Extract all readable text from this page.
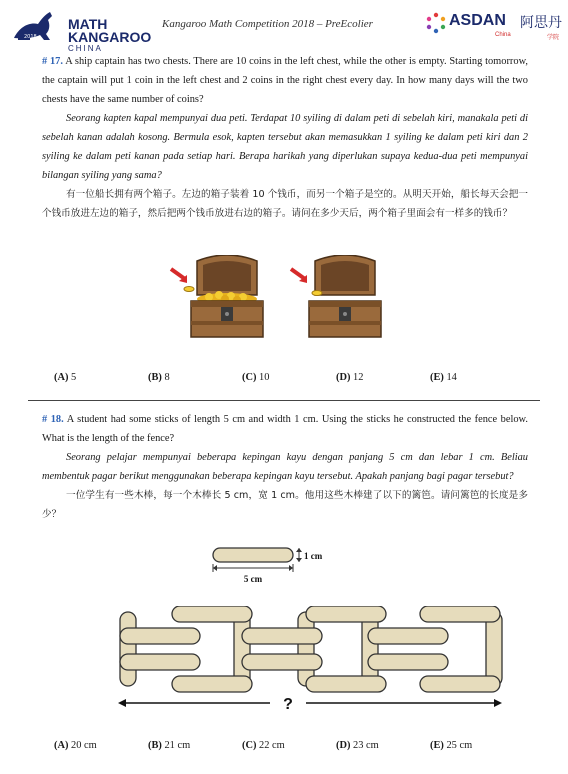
2018
MATH
KANGAROO
CHINA
Kangaroo Math Competition 2018 – PreEcolier	ASDAN
China
阿思丹
学院
# 17. A ship captain has two chests. There are 10 coins in the left chest, while the other is empty. Starting tomorrow, the captain will put 1 coin in the left chest and 2 coins in the right chest every day. In how many days will the two chests have the same number of coins?
Seorang kapten kapal mempunyai dua peti. Terdapat 10 syiling di dalam peti di sebelah kiri, manakala peti di sebelah kanan adalah kosong. Bermula esok, kapten tersebut akan memasukkan 1 syiling ke dalam peti kiri dan 2 syiling ke dalam peti kanan pada setiap hari. Berapa harikah yang diperlukan supaya kedua-dua peti mempunyai bilangan syiling yang sama?
有一位船长拥有两个箱子。左边的箱子装着 10 个钱币，而另一个箱子是空的。从明天开始，船长每天会把一个钱币放进左边的箱子，然后把两个钱币放进右边的箱子。请问在多少天后，两个箱子里面会有一样多的钱币？
(A) 5	(B) 8	(C) 10	(D) 12	(E) 14
# 18. A student had some sticks of length 5 cm and width 1 cm. Using the sticks he constructed the fence below. What is the length of the fence?
Seorang pelajar mempunyai beberapa kepingan kayu dengan panjang 5 cm dan lebar 1 cm. Beliau membentuk pagar berikut menggunakan beberapa kepingan kayu tersebut. Apakah panjang bagi pagar tersebut?
一位学生有一些木棒，每一个木棒长 5 cm，宽 1 cm。他用这些木棒建了以下的篱笆。请问篱笆的长度是多少？
1 cm
5 cm
?
(A) 20 cm	(B) 21 cm	(C) 22 cm	(D) 23 cm	(E) 25 cm
